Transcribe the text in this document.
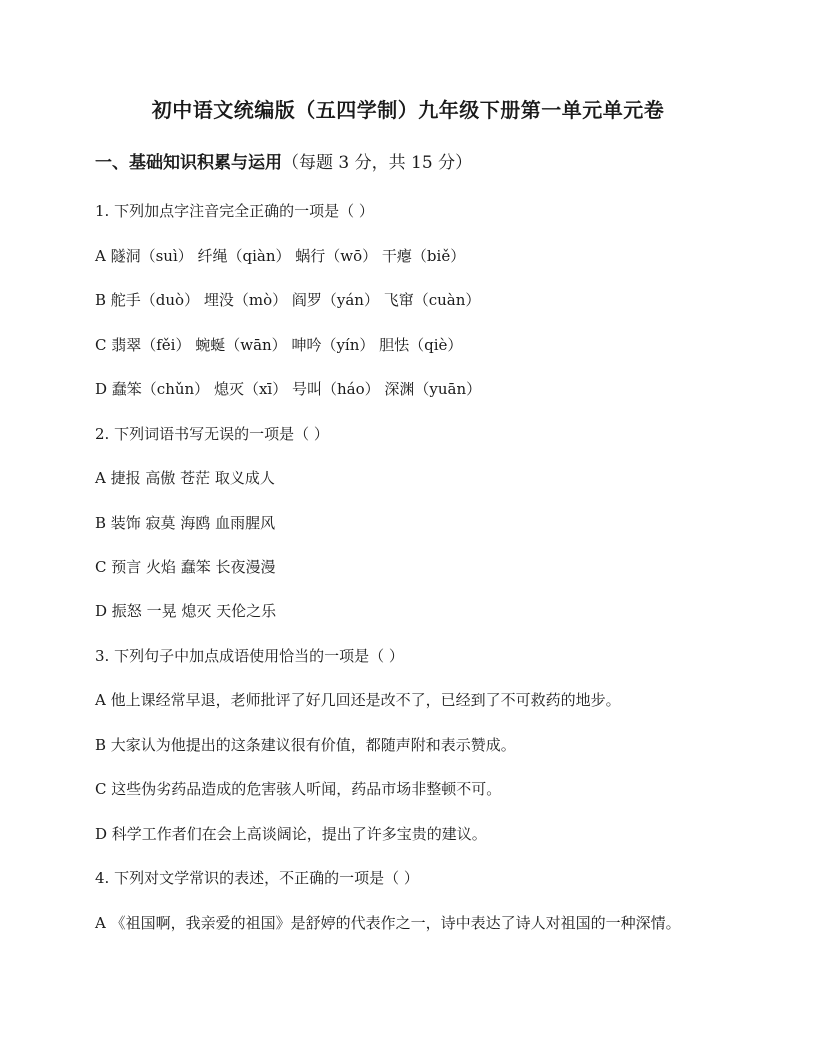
初中语文统编版（五四学制）九年级下册第一单元单元卷
一、基础知识积累与运用（每题 3 分，共 15 分）
1. 下列加点字注音完全正确的一项是（ ）
A 隧洞（suì） 纤绳（qiàn） 蜗行（wō） 干瘪（biě）
B 舵手（duò） 埋没（mò） 阎罗（yán） 飞窜（cuàn）
C 翡翠（fěi） 蜿蜒（wān） 呻吟（yín） 胆怯（qiè）
D 蠢笨（chǔn） 熄灭（xī） 号叫（háo） 深渊（yuān）
2. 下列词语书写无误的一项是（ ）
A 捷报 高傲 苍茫 取义成人
B 装饰 寂莫 海鸥 血雨腥风
C 预言 火焰 蠢笨 长夜漫漫
D 振怒 一晃 熄灭 天伦之乐
3. 下列句子中加点成语使用恰当的一项是（ ）
A 他上课经常早退，老师批评了好几回还是改不了，已经到了不可救药的地步。
B 大家认为他提出的这条建议很有价值，都随声附和表示赞成。
C 这些伪劣药品造成的危害骇人听闻，药品市场非整顿不可。
D 科学工作者们在会上高谈阔论，提出了许多宝贵的建议。
4. 下列对文学常识的表述，不正确的一项是（ ）
A 《祖国啊，我亲爱的祖国》是舒婷的代表作之一，诗中表达了诗人对祖国的一种深情。
